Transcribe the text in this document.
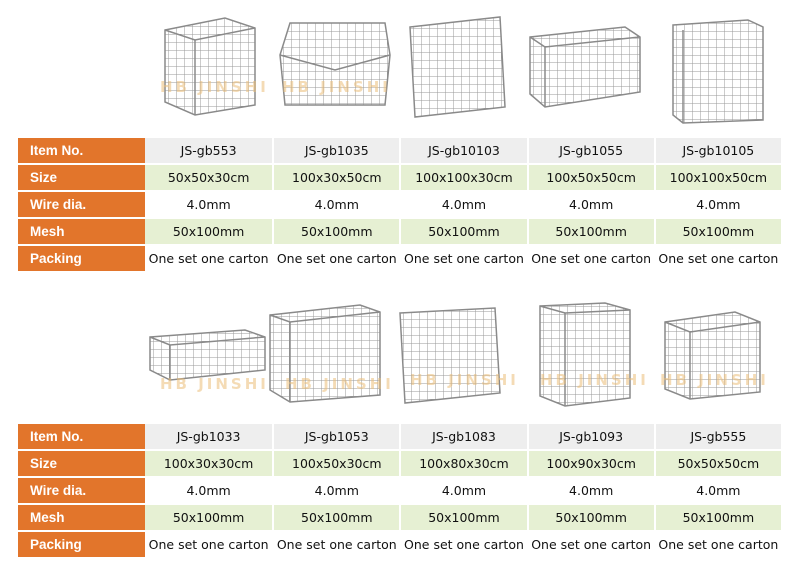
HB JINSHI HB JINSHI
Item No.	JS-gb553	JS-gb1035	JS-gb10103	JS-gb1055	JS-gb10105
Size	50x50x30cm	100x30x50cm	100x100x30cm	100x50x50cm	100x100x50cm
Wire dia.	4.0mm	4.0mm	4.0mm	4.0mm	4.0mm
Mesh	50x100mm	50x100mm	50x100mm	50x100mm	50x100mm
Packing	One set one carton	One set one carton	One set one carton	One set one carton	One set one carton
HB JINSHI HB JINSHI HB JINSHI HB JINSHI HB JINSHI
Item No.	JS-gb1033	JS-gb1053	JS-gb1083	JS-gb1093	JS-gb555
Size	100x30x30cm	100x50x30cm	100x80x30cm	100x90x30cm	50x50x50cm
Wire dia.	4.0mm	4.0mm	4.0mm	4.0mm	4.0mm
Mesh	50x100mm	50x100mm	50x100mm	50x100mm	50x100mm
Packing	One set one carton	One set one carton	One set one carton	One set one carton	One set one carton
